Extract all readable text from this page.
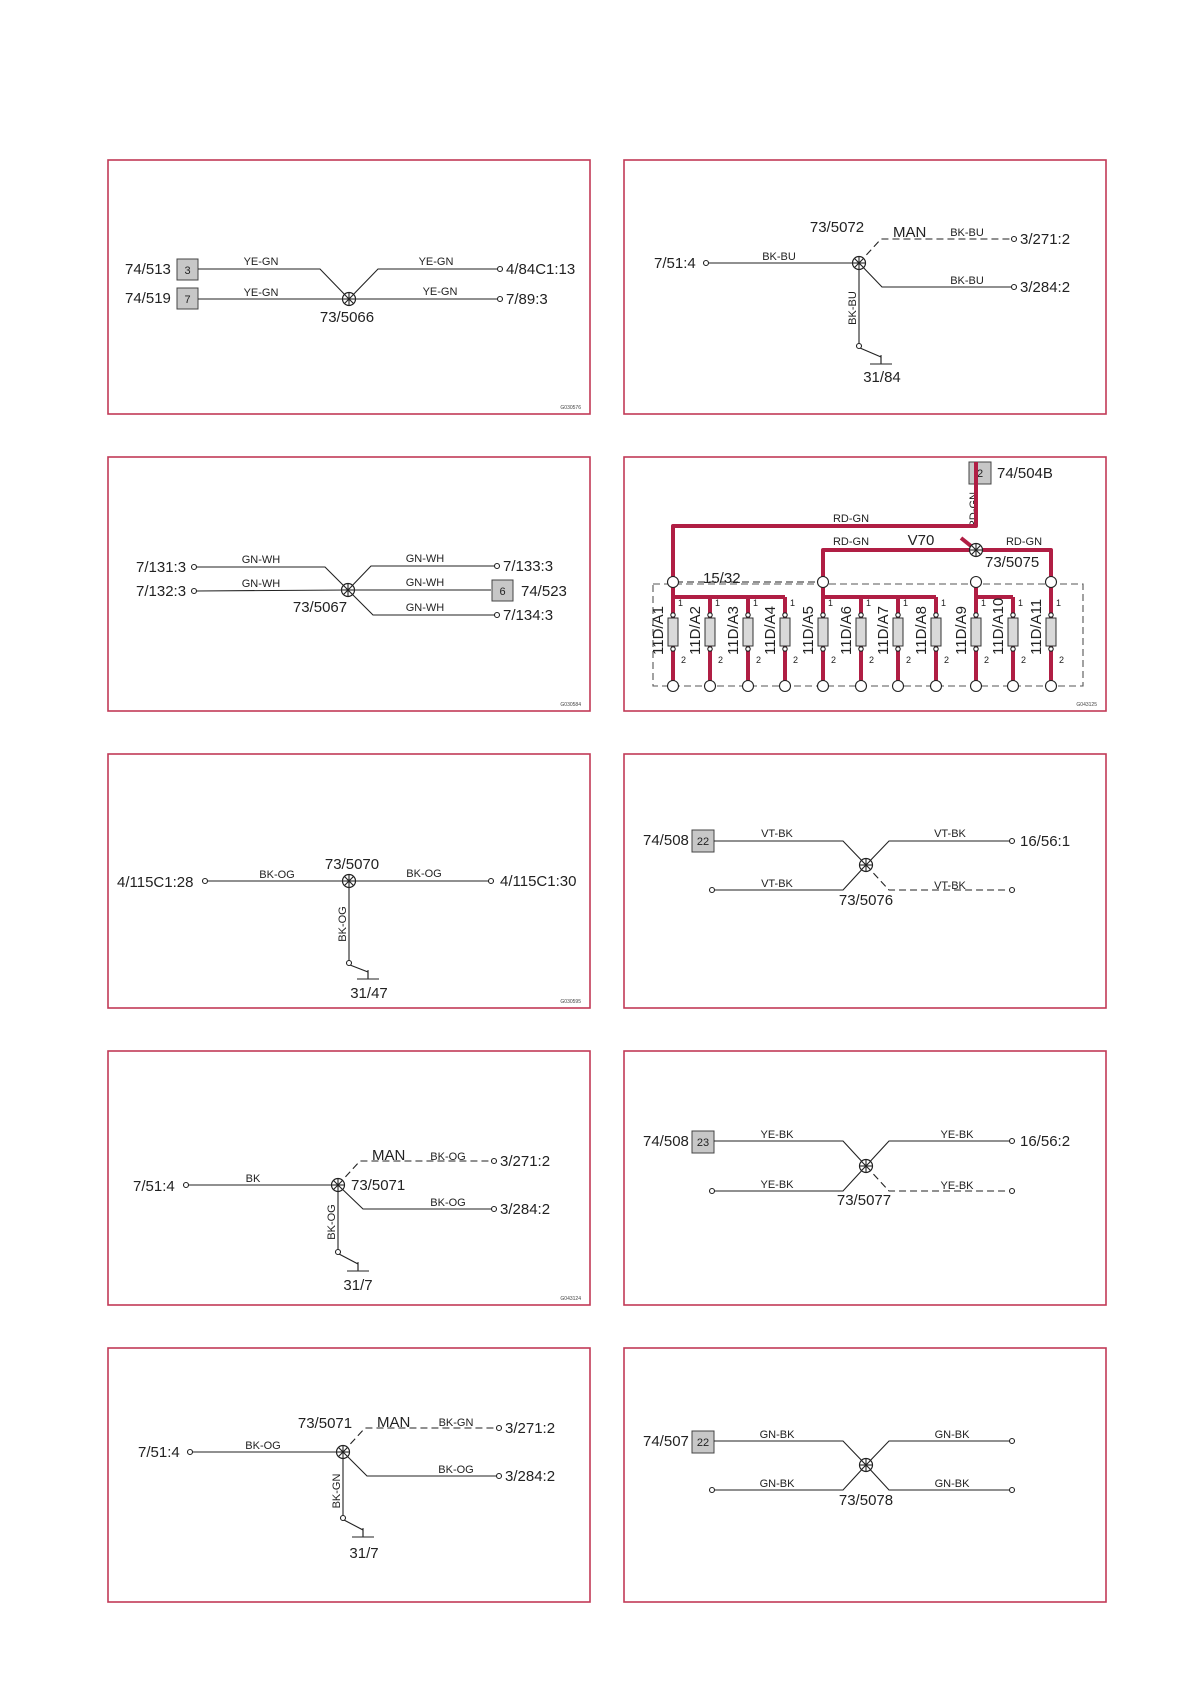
74/513 3
74/519 7
YE-GN
YE-GN
YE-GN
YE-GN
73/5066
4/84C1:13
7/89:3
G030576
7/51:4	BK-BU
73/5072 MAN BK-BU 3/271:2
BK-BU 3/284:2
BK-BU
31/84
7/131:3
7/132:3
GN-WH
GN-WH
GN-WH
GN-WH
GN-WH
73/5067
7/133:3
6 74/523
7/134:3
G030584
2 74/504B
RD-GN
RD-GN
RD-GN	V70	RD-GN
73/5075
15/32
1
2
11D/A1
1
2
11D/A2
1
2
11D/A3
1
2
11D/A4
1
2
11D/A5
1
2
11D/A6
1
2
11D/A7
1
2
11D/A8
1
2
11D/A9
1
2
11D/A10	1
2
11D/A11
G043125
4/115C1:28	BK-OG	BK-OG
73/5070
4/115C1:30
BK-OG
31/47	G030595
74/508 22
VT-BK	VT-BK
VT-BK	VT-BK
73/5076
16/56:1
7/51:4	BK
MAN BK-OG 3/271:2
73/5071
BK-OG 3/284:2
BK-OG
31/7
G043124
74/508 23
YE-BK	YE-BK
YE-BK	YE-BK
73/5077
16/56:2
7/51:4	BK-OG
73/5071 MAN	BK-GN 3/271:2
BK-OG 3/284:2
BK-GN
31/7
74/507 22
GN-BK	GN-BK
GN-BK	GN-BK
73/5078
